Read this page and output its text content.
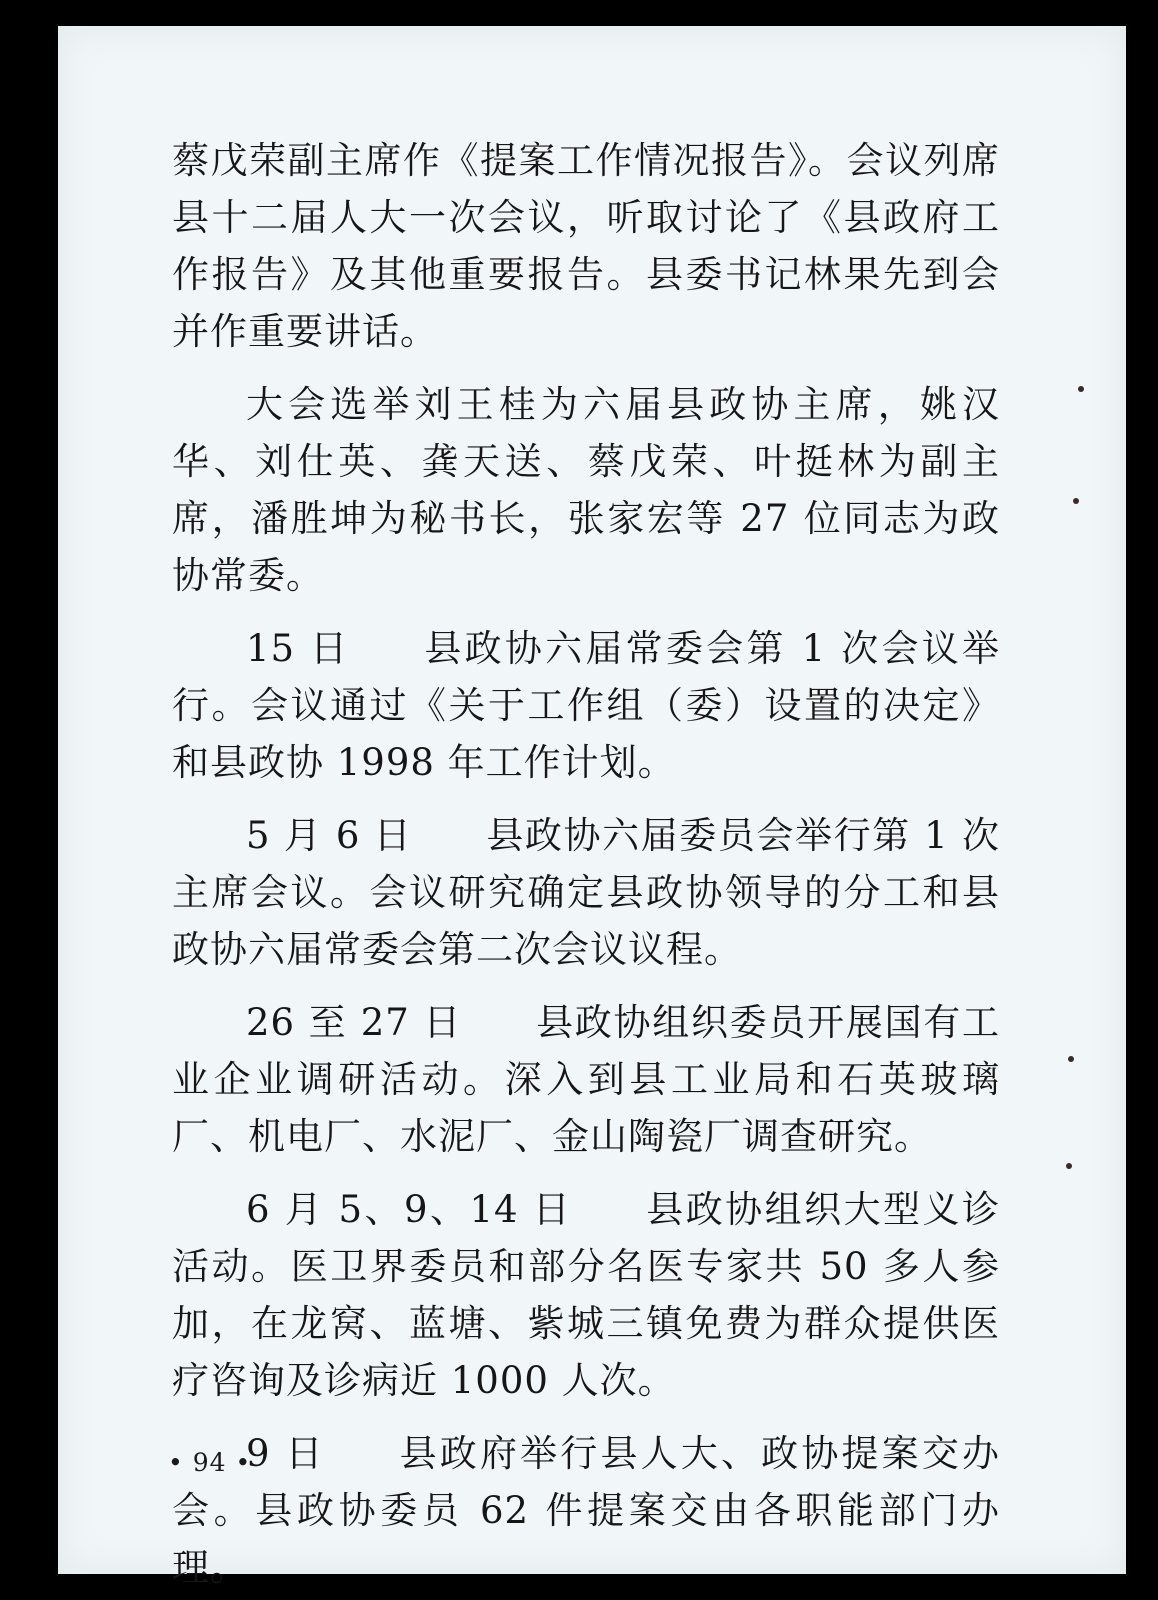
蔡戊荣副主席作《提案工作情况报告》。会议列席县十二届人大一次会议，听取讨论了《县政府工作报告》及其他重要报告。县委书记林果先到会并作重要讲话。

大会选举刘王桂为六届县政协主席，姚汉华、刘仕英、龚天送、蔡戊荣、叶挺林为副主席，潘胜坤为秘书长，张家宏等 27 位同志为政协常委。

15 日 县政协六届常委会第 1 次会议举行。会议通过《关于工作组（委）设置的决定》和县政协 1998 年工作计划。

5 月 6 日 县政协六届委员会举行第 1 次主席会议。会议研究确定县政协领导的分工和县政协六届常委会第二次会议议程。

26 至 27 日 县政协组织委员开展国有工业企业调研活动。深入到县工业局和石英玻璃厂、机电厂、水泥厂、金山陶瓷厂调查研究。

6 月 5、9、14 日 县政协组织大型义诊活动。医卫界委员和部分名医专家共 50 多人参加，在龙窝、蓝塘、紫城三镇免费为群众提供医疗咨询及诊病近 1000 人次。

9 日 县政府举行县人大、政协提案交办会。县政协委员 62 件提案交由各职能部门办理。

• 94 •
